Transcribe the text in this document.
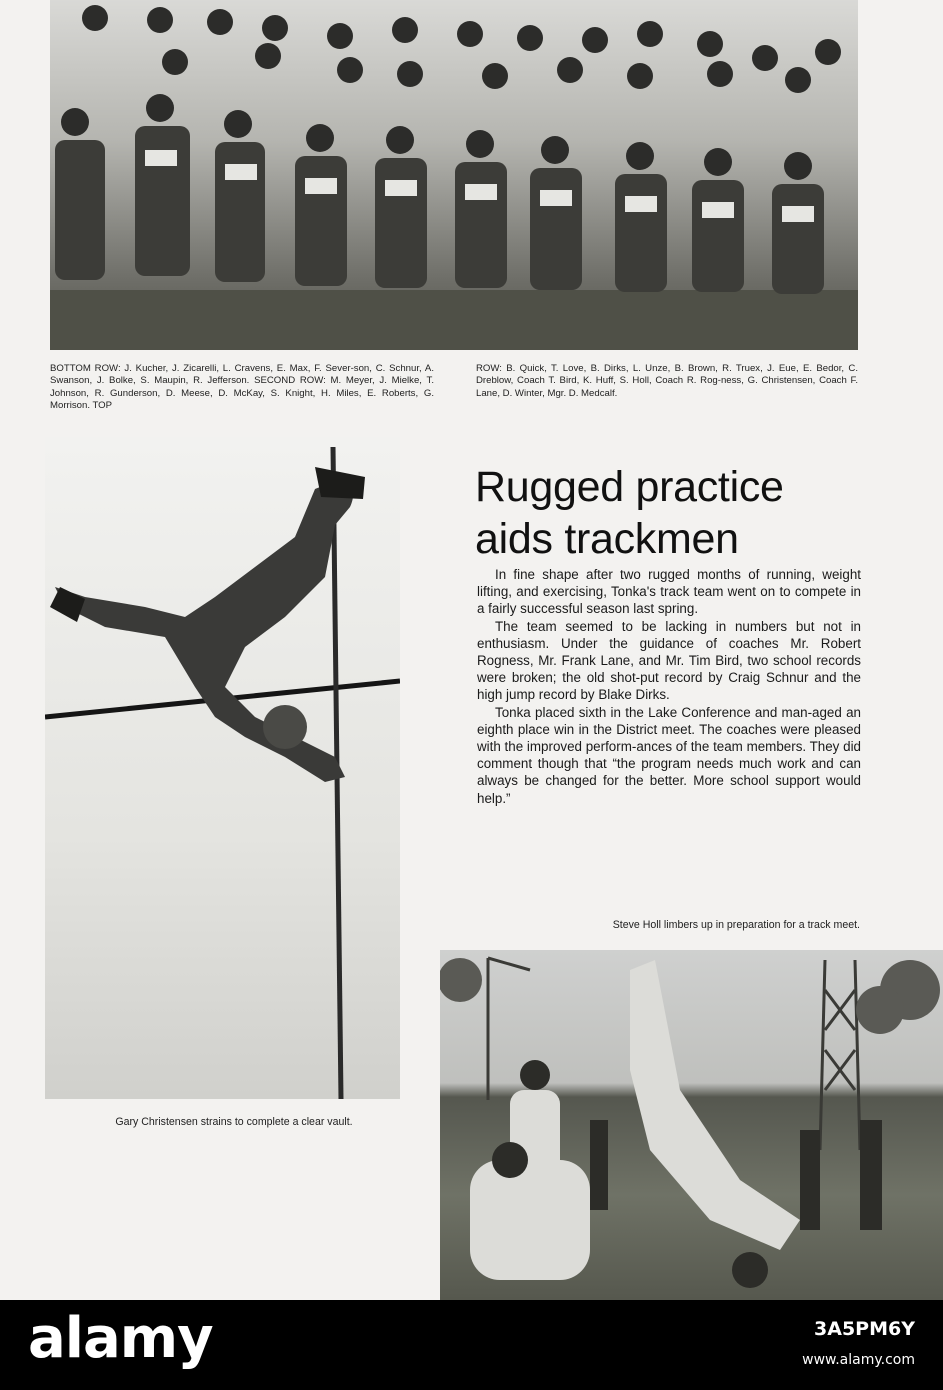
BOTTOM ROW: J. Kucher, J. Zicarelli, L. Cravens, E. Max, F. Sever-son, C. Schnur, A. Swanson, J. Bolke, S. Maupin, R. Jefferson. SECOND ROW: M. Meyer, J. Mielke, T. Johnson, R. Gunderson, D. Meese, D. McKay, S. Knight, H. Miles, E. Roberts, G. Morrison. TOP
ROW: B. Quick, T. Love, B. Dirks, L. Unze, B. Brown, R. Truex, J. Eue, E. Bedor, C. Dreblow, Coach T. Bird, K. Huff, S. Holl, Coach R. Rog-ness, G. Christensen, Coach F. Lane, D. Winter, Mgr. D. Medcalf.
Gary Christensen strains to complete a clear vault.
Rugged practice
aids trackmen

In fine shape after two rugged months of running, weight lifting, and exercising, Tonka's track team went on to compete in a fairly successful season last spring.

The team seemed to be lacking in numbers but not in enthusiasm. Under the guidance of coaches Mr. Robert Rogness, Mr. Frank Lane, and Mr. Tim Bird, two school records were broken; the old shot-put record by Craig Schnur and the high jump record by Blake Dirks.

Tonka placed sixth in the Lake Conference and man-aged an eighth place win in the District meet. The coaches were pleased with the improved perform-ances of the team members. They did comment though that “the program needs much work and can always be changed for the better. More school support would help.”

Steve Holl limbers up in preparation for a track meet.
alamy	3A5PM6Y
www.alamy.com
